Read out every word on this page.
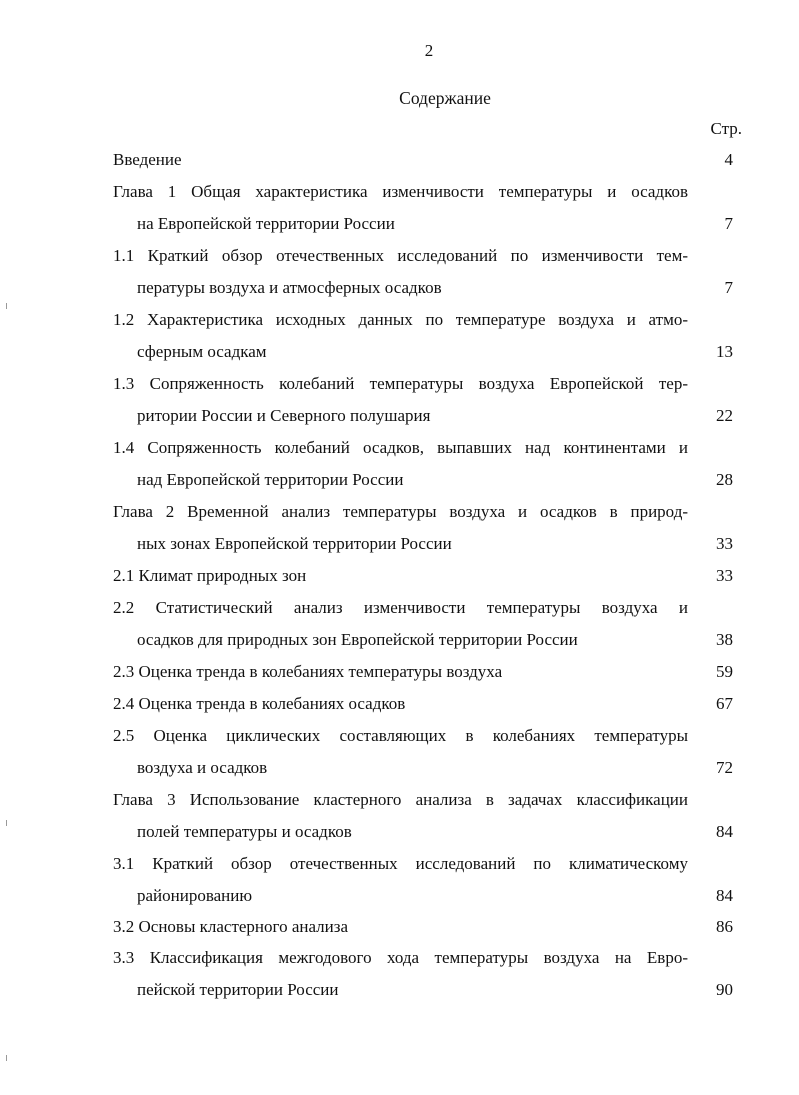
2
Содержание
Стр.
Введение	4
Глава 1 Общая характеристика изменчивости температуры и осадков
на Европейской территории России	7
1.1 Краткий обзор отечественных исследований по изменчивости тем-
пературы воздуха и атмосферных осадков	7
1.2 Характеристика исходных данных по температуре воздуха и атмо-
сферным осадкам	13
1.3 Сопряженность колебаний температуры воздуха Европейской тер-
ритории России и Северного полушария	22
1.4 Сопряженность колебаний осадков, выпавших над континентами и
над Европейской территории России	28
Глава 2 Временной анализ температуры воздуха и осадков в природ-
ных зонах Европейской территории России	33
2.1 Климат природных зон	33
2.2 Статистический анализ изменчивости температуры воздуха и
осадков для природных зон Европейской территории России	38
2.3 Оценка тренда в колебаниях температуры воздуха	59
2.4 Оценка тренда в колебаниях осадков	67
2.5 Оценка циклических составляющих в колебаниях температуры
воздуха и осадков	72
Глава 3 Использование кластерного анализа в задачах классификации
полей температуры и осадков	84
3.1 Краткий обзор отечественных исследований по климатическому
районированию	84
3.2 Основы кластерного анализа	86
3.3 Классификация межгодового хода температуры воздуха на Евро-
пейской территории России	90
